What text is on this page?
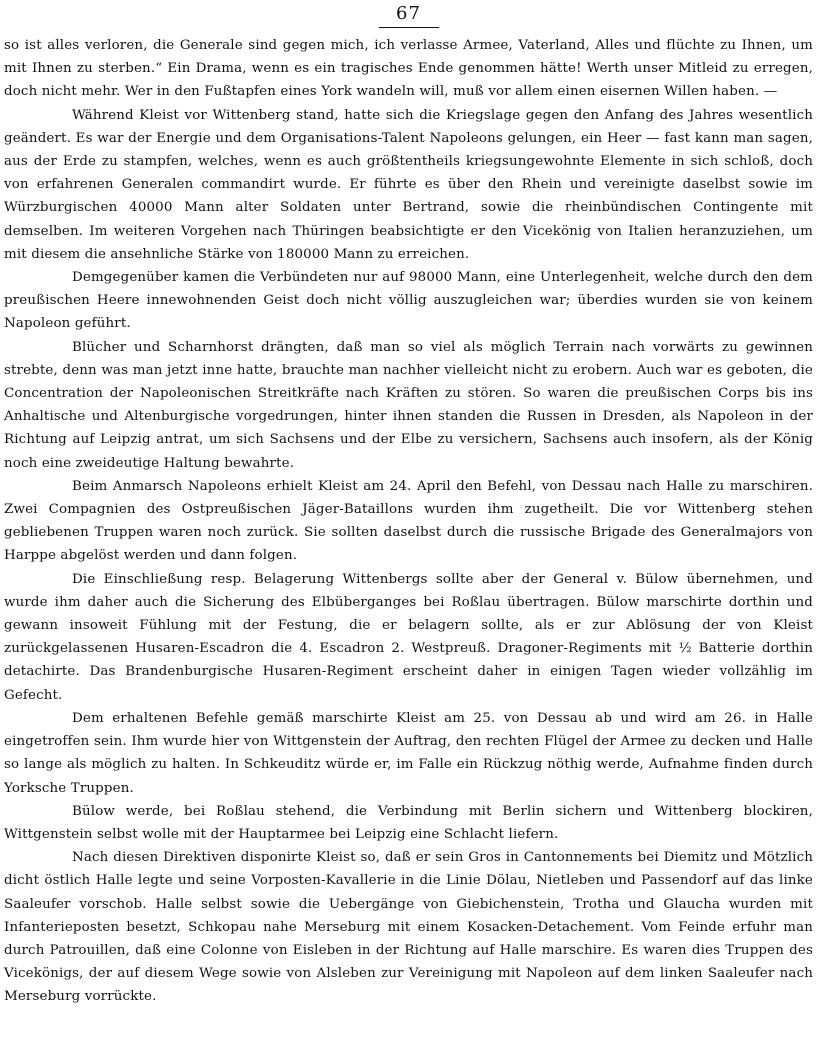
67

so ist alles verloren, die Generale sind gegen mich, ich verlasse Armee, Vaterland, Alles und flüchte zu Ihnen, um mit Ihnen zu sterben.“ Ein Drama, wenn es ein tragisches Ende genommen hätte! Werth unser Mitleid zu erregen, doch nicht mehr. Wer in den Fußtapfen eines York wandeln will, muß vor allem einen eisernen Willen haben. —

Während Kleist vor Wittenberg stand, hatte sich die Kriegslage gegen den Anfang des Jahres wesentlich geändert. Es war der Energie und dem Organisations-Talent Napoleons gelungen, ein Heer — fast kann man sagen, aus der Erde zu stampfen, welches, wenn es auch größtentheils kriegsungewohnte Elemente in sich schloß, doch von erfahrenen Generalen commandirt wurde. Er führte es über den Rhein und vereinigte daselbst sowie im Würzburgischen 40000 Mann alter Soldaten unter Bertrand, sowie die rheinbündischen Contingente mit demselben. Im weiteren Vorgehen nach Thüringen beabsichtigte er den Vicekönig von Italien heranzuziehen, um mit diesem die ansehnliche Stärke von 180000 Mann zu erreichen.

Demgegenüber kamen die Verbündeten nur auf 98000 Mann, eine Unterlegenheit, welche durch den dem preußischen Heere innewohnenden Geist doch nicht völlig auszugleichen war; überdies wurden sie von keinem Napoleon geführt.

Blücher und Scharnhorst drängten, daß man so viel als möglich Terrain nach vorwärts zu gewinnen strebte, denn was man jetzt inne hatte, brauchte man nachher vielleicht nicht zu erobern. Auch war es geboten, die Concentration der Napoleonischen Streitkräfte nach Kräften zu stören. So waren die preußischen Corps bis ins Anhaltische und Altenburgische vorgedrungen, hinter ihnen standen die Russen in Dresden, als Napoleon in der Richtung auf Leipzig antrat, um sich Sachsens und der Elbe zu versichern, Sachsens auch insofern, als der König noch eine zweideutige Haltung bewahrte.

Beim Anmarsch Napoleons erhielt Kleist am 24. April den Befehl, von Dessau nach Halle zu marschiren. Zwei Compagnien des Ostpreußischen Jäger-Bataillons wurden ihm zugetheilt. Die vor Wittenberg stehen gebliebenen Truppen waren noch zurück. Sie sollten daselbst durch die russische Brigade des Generalmajors von Harppe abgelöst werden und dann folgen.

Die Einschließung resp. Belagerung Wittenbergs sollte aber der General v. Bülow übernehmen, und wurde ihm daher auch die Sicherung des Elbüberganges bei Roßlau übertragen. Bülow marschirte dorthin und gewann insoweit Fühlung mit der Festung, die er belagern sollte, als er zur Ablösung der von Kleist zurückgelassenen Husaren-Escadron die 4. Escadron 2. Westpreuß. Dragoner-Regiments mit ½ Batterie dorthin detachirte. Das Brandenburgische Husaren-Regiment erscheint daher in einigen Tagen wieder vollzählig im Gefecht.

Dem erhaltenen Befehle gemäß marschirte Kleist am 25. von Dessau ab und wird am 26. in Halle eingetroffen sein. Ihm wurde hier von Wittgenstein der Auftrag, den rechten Flügel der Armee zu decken und Halle so lange als möglich zu halten. In Schkeuditz würde er, im Falle ein Rückzug nöthig werde, Aufnahme finden durch Yorksche Truppen.

Bülow werde, bei Roßlau stehend, die Verbindung mit Berlin sichern und Wittenberg blockiren, Wittgenstein selbst wolle mit der Hauptarmee bei Leipzig eine Schlacht liefern.

Nach diesen Direktiven disponirte Kleist so, daß er sein Gros in Cantonnements bei Diemitz und Mötzlich dicht östlich Halle legte und seine Vorposten-Kavallerie in die Linie Dölau, Nietleben und Passendorf auf das linke Saaleufer vorschob. Halle selbst sowie die Uebergänge von Giebichenstein, Trotha und Glaucha wurden mit Infanterieposten besetzt, Schkopau nahe Merseburg mit einem Kosacken-Detachement. Vom Feinde erfuhr man durch Patrouillen, daß eine Colonne von Eisleben in der Richtung auf Halle marschire. Es waren dies Truppen des Vicekönigs, der auf diesem Wege sowie von Alsleben zur Vereinigung mit Napoleon auf dem linken Saaleufer nach Merseburg vorrückte.
